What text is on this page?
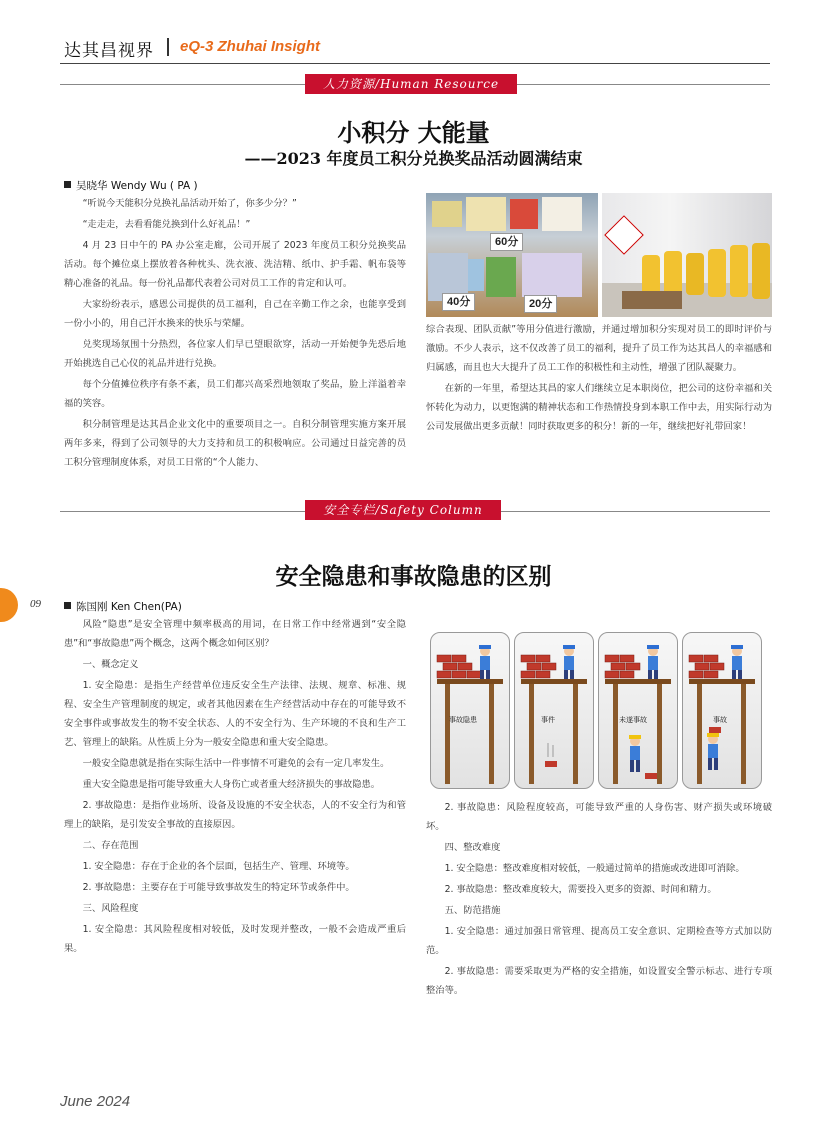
达其昌视界 eQ-3 Zhuhai Insight
人力资源/Human Resource
小积分 大能量
——2023 年度员工积分兑换奖品活动圆满结束
吴晓华 Wendy Wu ( PA )

“听说今天能积分兑换礼品活动开始了，你多少分？”

“走走走，去看看能兑换到什么好礼品！”

4 月 23 日中午的 PA 办公室走廊，公司开展了 2023 年度员工积分兑换奖品活动。每个摊位桌上摆放着各种枕头、洗衣液、洗洁精、纸巾、护手霜、帆布袋等精心准备的礼品。每一份礼品都代表着公司对员工工作的肯定和认可。

大家纷纷表示，感恩公司提供的员工福利，自己在辛勤工作之余，也能享受到一份小小的，用自己汗水换来的快乐与荣耀。

兑奖现场氛围十分热烈，各位家人们早已望眼欲穿，活动一开始便争先恐后地开始挑选自己心仪的礼品并进行兑换。

每个分值摊位秩序有条不紊，员工们都兴高采烈地领取了奖品，脸上洋溢着幸福的笑容。

积分制管理是达其昌企业文化中的重要项目之一。自积分制管理实施方案开展两年多来，得到了公司领导的大力支持和员工的积极响应。公司通过日益完善的员工积分管理制度体系，对员工日常的“个人能力、

60分
40分	20分

综合表现、团队贡献”等用分值进行激励，并通过增加积分实现对员工的即时评价与激励。不少人表示，这不仅改善了员工的福利，提升了员工作为达其昌人的幸福感和归属感，而且也大大提升了员工工作的积极性和主动性，增强了团队凝聚力。

在新的一年里，希望达其昌的家人们继续立足本职岗位，把公司的这份幸福和关怀转化为动力，以更饱满的精神状态和工作热情投身到本职工作中去，用实际行动为公司发展做出更多贡献！同时获取更多的积分！新的一年，继续把好礼带回家！

安全专栏/Safety Column
安全隐患和事故隐患的区别
09	陈国刚 Ken Chen(PA)

风险“隐患”是安全管理中频率极高的用词，在日常工作中经常遇到“安全隐患”和“事故隐患”两个概念，这两个概念如何区别？

一、概念定义

1. 安全隐患：是指生产经营单位违反安全生产法律、法规、规章、标准、规程、安全生产管理制度的规定，或者其他因素在生产经营活动中存在的可能导致不安全事件或事故发生的物不安全状态、人的不安全行为、生产环境的不良和生产工艺、管理上的缺陷。从性质上分为一般安全隐患和重大安全隐患。

一般安全隐患就是指在实际生活中一件事情不可避免的会有一定几率发生。

重大安全隐患是指可能导致重大人身伤亡或者重大经济损失的事故隐患。

2. 事故隐患：是指作业场所、设备及设施的不安全状态，人的不安全行为和管理上的缺陷，是引发安全事故的直接原因。

二、存在范围

1. 安全隐患：存在于企业的各个层面，包括生产、管理、环境等。

2. 事故隐患：主要存在于可能导致事故发生的特定环节或条件中。

三、风险程度

1. 安全隐患：其风险程度相对较低，及时发现并整改，一般不会造成严重后果。

事故隐患	事件	未遂事故	事故

2. 事故隐患：风险程度较高，可能导致严重的人身伤害、财产损失或环境破坏。

四、整改难度

1. 安全隐患：整改难度相对较低，一般通过简单的措施或改进即可消除。

2. 事故隐患：整改难度较大，需要投入更多的资源、时间和精力。

五、防范措施

1. 安全隐患：通过加强日常管理、提高员工安全意识、定期检查等方式加以防范。

2. 事故隐患：需要采取更为严格的安全措施，如设置安全警示标志、进行专项整治等。

June 2024
